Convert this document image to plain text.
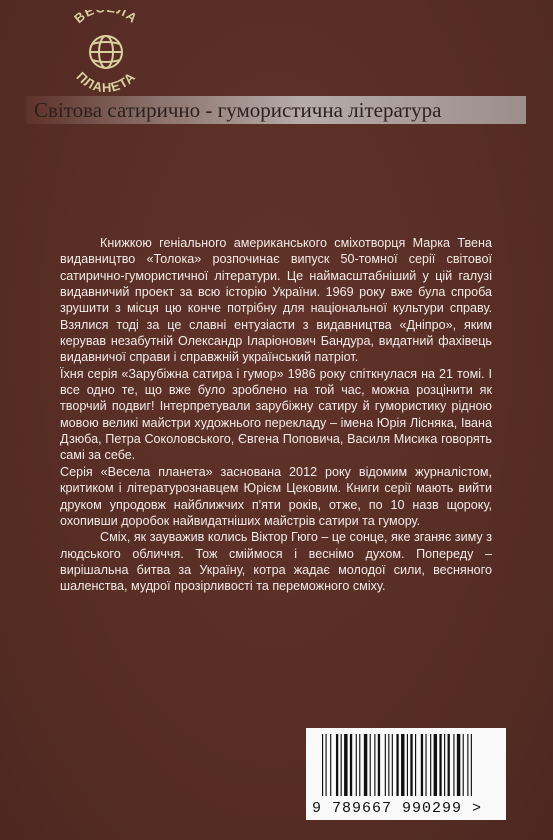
ВЕ ЛА
ПЛАНЕТА
Світова сатирично - гумористична література

Книжкою геніального американського сміхотворця Марка Твена видавництво «Толока» розпочинає випуск 50-томної серії світової сатирично-гумористичної літератури. Це наймасштабніший у цій галузі видавничий проект за всю історію України. 1969 року вже була спроба зрушити з місця цю конче потрібну для національної культури справу. Взялися тоді за це славні ентузіасти з видавництва «Дніпро», яким керував незабутній Олександр Іларіонович Бандура, видатний фахівець видавничої справи і справжній український патріот.

Їхня серія «Зарубіжна сатира і гумор» 1986 року спіткнулася на 21 томі. І все одно те, що вже було зроблено на той час, можна розцінити як творчий подвиг! Інтерпретували зарубіжну сатиру й гумористику рідною мовою великі майстри художнього перекладу – імена Юрія Лісняка, Івана Дзюба, Петра Соколовського, Євгена Поповича, Василя Мисика говорять самі за себе.

Серія «Весела планета» заснована 2012 року відомим журналістом, критиком і літературознавцем Юрієм Цековим. Книги серії мають вийти друком упродовж найближчих п'яти років, отже, по 10 назв щороку, охопивши доробок найвидатніших майстрів сатири та гумору.

Сміх, як зауважив колись Віктор Гюго – це сонце, яке зганяє зиму з людського обличчя. Тож сміймося і веснімо духом. Попереду – вирішальна битва за Україну, котра жадає молодої сили, весняного шаленства, мудрої прозірливості та переможного сміху.

9 789667 990299 >
